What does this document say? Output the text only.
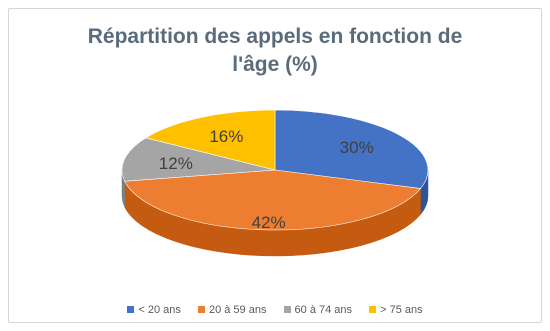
Répartition des appels en fonction de
l'âge (%)
30%
42%
12%
16%
< 20 ans	20 à 59 ans	60 à 74 ans	> 75 ans
